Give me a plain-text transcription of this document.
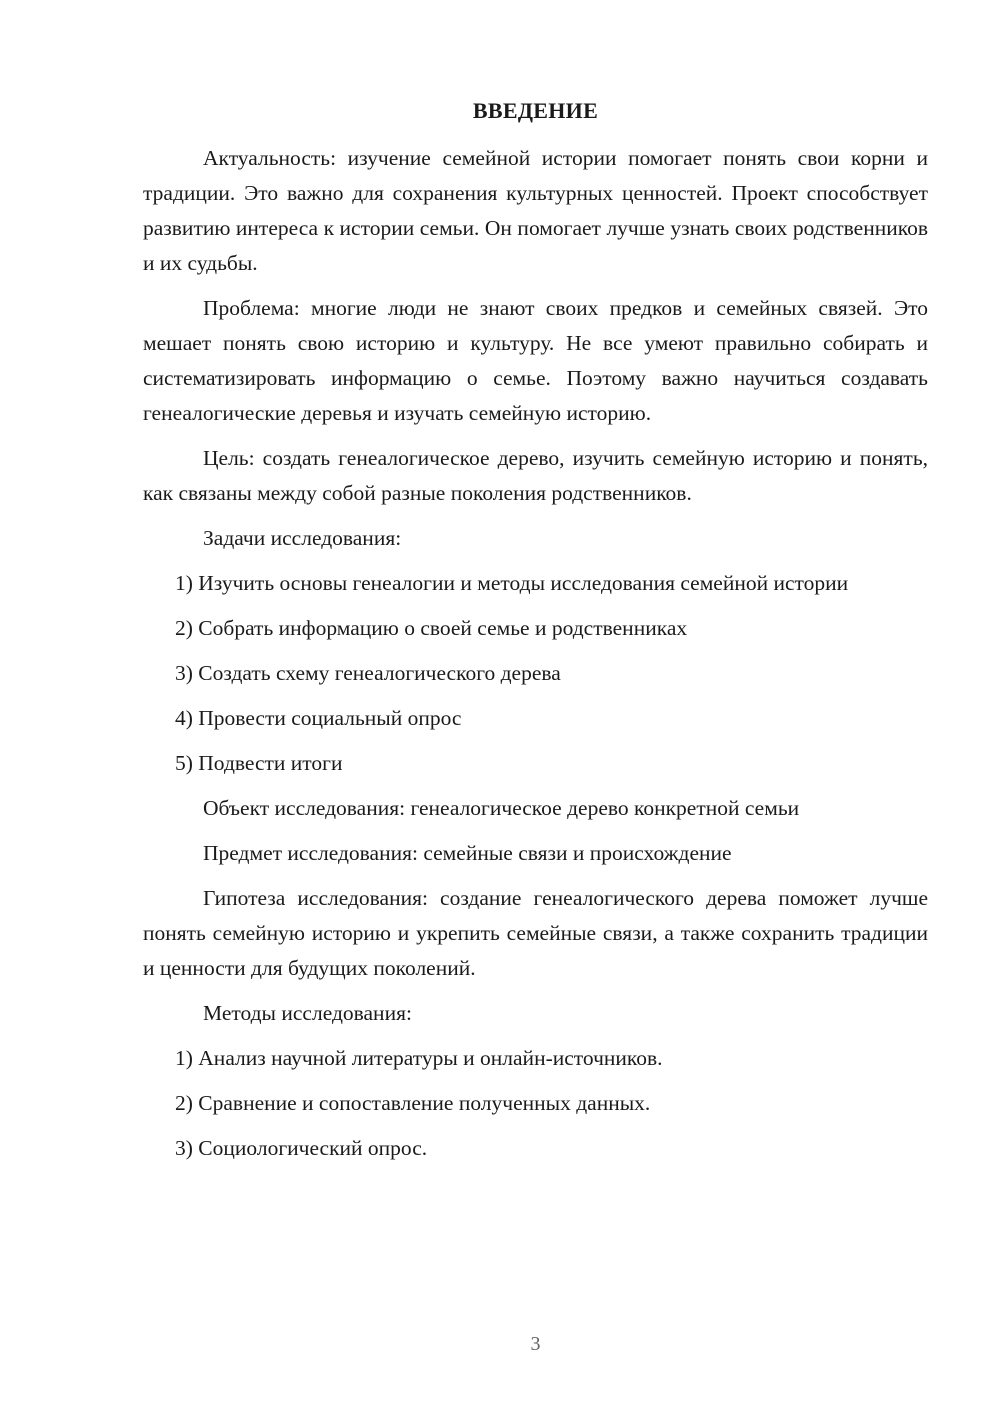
ВВЕДЕНИЕ

Актуальность: изучение семейной истории помогает понять свои корни и традиции. Это важно для сохранения культурных ценностей. Проект способствует развитию интереса к истории семьи. Он помогает лучше узнать своих родственников и их судьбы.

Проблема: многие люди не знают своих предков и семейных связей. Это мешает понять свою историю и культуру. Не все умеют правильно собирать и систематизировать информацию о семье. Поэтому важно научиться создавать генеалогические деревья и изучать семейную историю.

Цель: создать генеалогическое дерево, изучить семейную историю и понять, как связаны между собой разные поколения родственников.

Задачи исследования:

1) Изучить основы генеалогии и методы исследования семейной истории

2) Собрать информацию о своей семье и родственниках

3) Создать схему генеалогического дерева

4) Провести социальный опрос

5) Подвести итоги

Объект исследования: генеалогическое дерево конкретной семьи

Предмет исследования: семейные связи и происхождение

Гипотеза исследования: создание генеалогического дерева поможет лучше понять семейную историю и укрепить семейные связи, а также сохранить традиции и ценности для будущих поколений.

Методы исследования:

1) Анализ научной литературы и онлайн-источников.

2) Сравнение и сопоставление полученных данных.

3) Социологический опрос.

3
